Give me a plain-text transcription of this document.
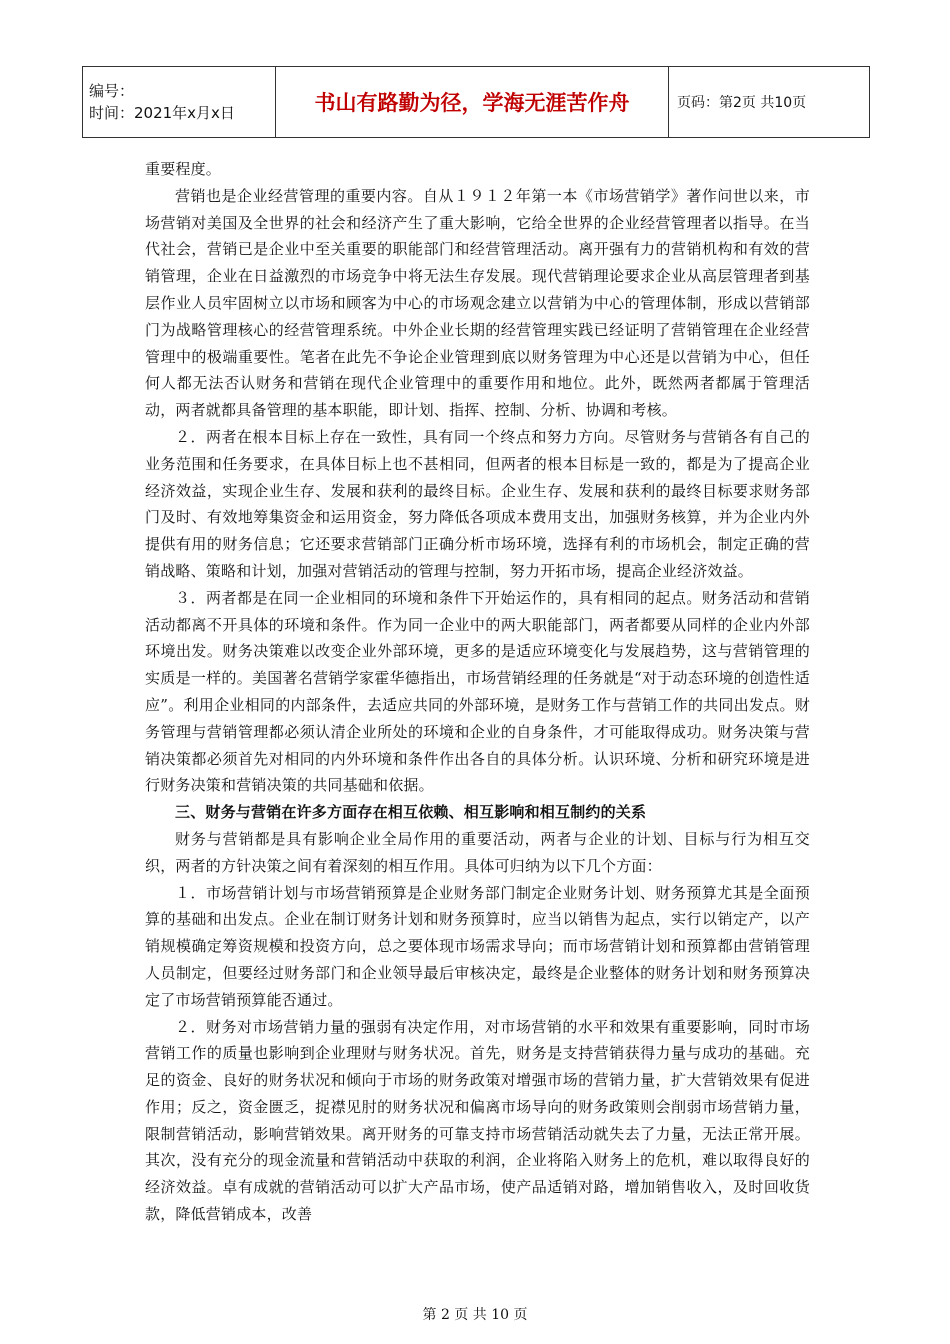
编号：
时间：2021年x月x日	书山有路勤为径，学海无涯苦作舟	页码：第2页 共10页

重要程度。

营销也是企业经营管理的重要内容。自从１９１２年第一本《市场营销学》著作问世以来，市场营销对美国及全世界的社会和经济产生了重大影响，它给全世界的企业经营管理者以指导。在当代社会，营销已是企业中至关重要的职能部门和经营管理活动。离开强有力的营销机构和有效的营销管理，企业在日益激烈的市场竞争中将无法生存发展。现代营销理论要求企业从高层管理者到基层作业人员牢固树立以市场和顾客为中心的市场观念建立以营销为中心的管理体制，形成以营销部门为战略管理核心的经营管理系统。中外企业长期的经营管理实践已经证明了营销管理在企业经营管理中的极端重要性。笔者在此先不争论企业管理到底以财务管理为中心还是以营销为中心，但任何人都无法否认财务和营销在现代企业管理中的重要作用和地位。此外，既然两者都属于管理活动，两者就都具备管理的基本职能，即计划、指挥、控制、分析、协调和考核。

２．两者在根本目标上存在一致性，具有同一个终点和努力方向。尽管财务与营销各有自己的业务范围和任务要求，在具体目标上也不甚相同，但两者的根本目标是一致的，都是为了提高企业经济效益，实现企业生存、发展和获利的最终目标。企业生存、发展和获利的最终目标要求财务部门及时、有效地筹集资金和运用资金，努力降低各项成本费用支出，加强财务核算，并为企业内外提供有用的财务信息；它还要求营销部门正确分析市场环境，选择有利的市场机会，制定正确的营销战略、策略和计划，加强对营销活动的管理与控制，努力开拓市场，提高企业经济效益。

３．两者都是在同一企业相同的环境和条件下开始运作的，具有相同的起点。财务活动和营销活动都离不开具体的环境和条件。作为同一企业中的两大职能部门，两者都要从同样的企业内外部环境出发。财务决策难以改变企业外部环境，更多的是适应环境变化与发展趋势，这与营销管理的实质是一样的。美国著名营销学家霍华德指出，市场营销经理的任务就是“对于动态环境的创造性适应”。利用企业相同的内部条件，去适应共同的外部环境，是财务工作与营销工作的共同出发点。财务管理与营销管理都必须认清企业所处的环境和企业的自身条件，才可能取得成功。财务决策与营销决策都必须首先对相同的内外环境和条件作出各自的具体分析。认识环境、分析和研究环境是进行财务决策和营销决策的共同基础和依据。

三、财务与营销在许多方面存在相互依赖、相互影响和相互制约的关系

财务与营销都是具有影响企业全局作用的重要活动，两者与企业的计划、目标与行为相互交织，两者的方针决策之间有着深刻的相互作用。具体可归纳为以下几个方面：

１．市场营销计划与市场营销预算是企业财务部门制定企业财务计划、财务预算尤其是全面预算的基础和出发点。企业在制订财务计划和财务预算时，应当以销售为起点，实行以销定产，以产销规模确定筹资规模和投资方向，总之要体现市场需求导向；而市场营销计划和预算都由营销管理人员制定，但要经过财务部门和企业领导最后审核决定，最终是企业整体的财务计划和财务预算决定了市场营销预算能否通过。

２．财务对市场营销力量的强弱有决定作用，对市场营销的水平和效果有重要影响，同时市场营销工作的质量也影响到企业理财与财务状况。首先，财务是支持营销获得力量与成功的基础。充足的资金、良好的财务状况和倾向于市场的财务政策对增强市场的营销力量，扩大营销效果有促进作用；反之，资金匮乏，捉襟见肘的财务状况和偏离市场导向的财务政策则会削弱市场营销力量，限制营销活动，影响营销效果。离开财务的可靠支持市场营销活动就失去了力量，无法正常开展。其次，没有充分的现金流量和营销活动中获取的利润，企业将陷入财务上的危机，难以取得良好的经济效益。卓有成就的营销活动可以扩大产品市场，使产品适销对路，增加销售收入，及时回收货款，降低营销成本，改善

第 2 页 共 10 页
